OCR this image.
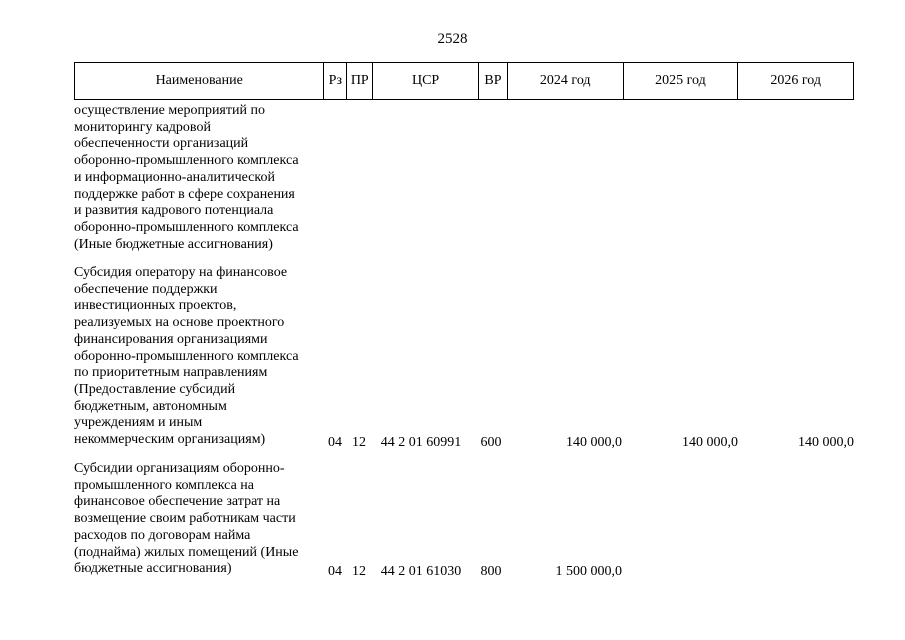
2528
Наименование	Рз ПР	ЦСР	ВР	2024 год	2025 год	2026 год
осуществление мероприятий по
мониторингу кадровой
обеспеченности организаций
оборонно-промышленного комплекса
и информационно-аналитической
поддержке работ в сфере сохранения
и развития кадрового потенциала
оборонно-промышленного комплекса
(Иные бюджетные ассигнования)
Субсидия оператору на финансовое
обеспечение поддержки
инвестиционных проектов,
реализуемых на основе проектного
финансирования организациями
оборонно-промышленного комплекса
по приоритетным направлениям
(Предоставление субсидий
бюджетным, автономным
учреждениям и иным
некоммерческим организациям)	04 12	44 2 01 60991	600	140 000,0	140 000,0	140 000,0
Субсидии организациям оборонно-
промышленного комплекса на
финансовое обеспечение затрат на
возмещение своим работникам части
расходов по договорам найма
(поднайма) жилых помещений (Иные
бюджетные ассигнования)	04 12	44 2 01 61030	800	1 500 000,0
